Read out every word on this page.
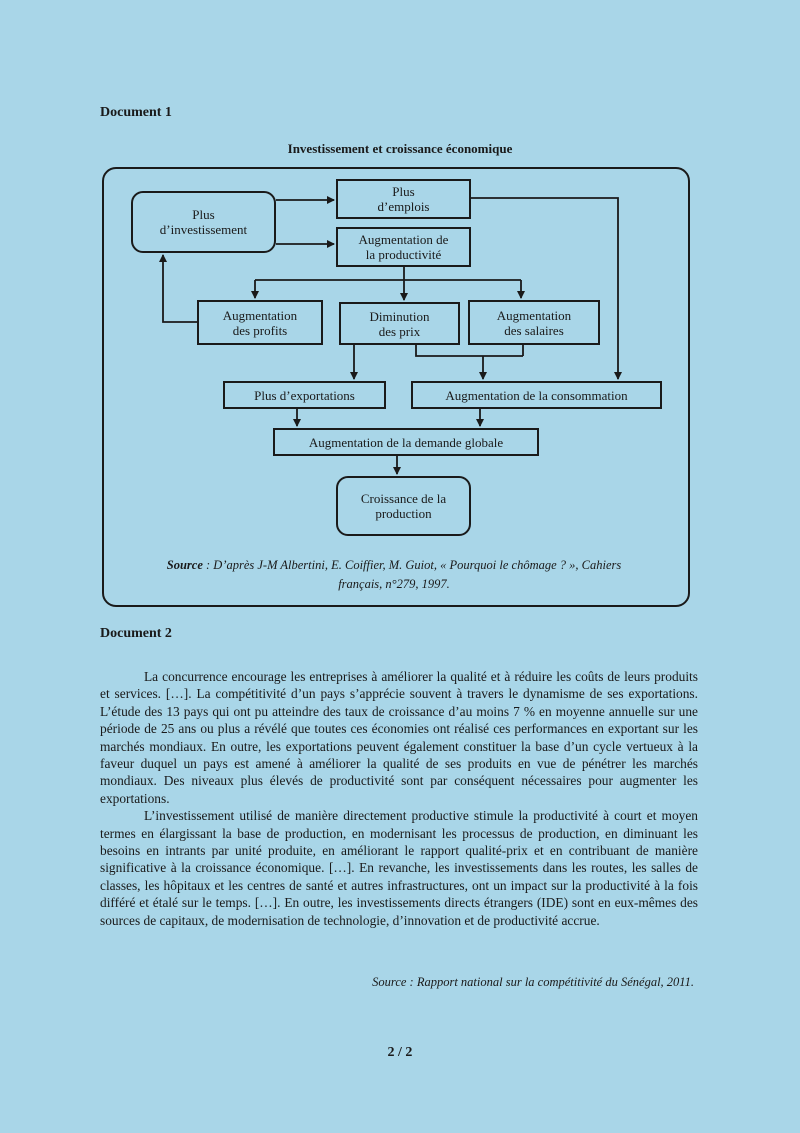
Document 1
Investissement et croissance économique
Plus
d’investissement
Plus
d’emplois
Augmentation de
la productivité
Augmentation
des profits
Diminution
des prix
Augmentation
des salaires
Plus d’exportations	Augmentation de la consommation
Augmentation de la demande globale
Croissance de la
production
Source : D’après J-M Albertini, E. Coiffier, M. Guiot, « Pourquoi le chômage ? », Cahiers
français, n°279, 1997.
Document 2

La concurrence encourage les entreprises à améliorer la qualité et à réduire les coûts de leurs produits et services. […]. La compétitivité d’un pays s’apprécie souvent à travers le dynamisme de ses exportations. L’étude des 13 pays qui ont pu atteindre des taux de croissance d’au moins 7 % en moyenne annuelle sur une période de 25 ans ou plus a révélé que toutes ces économies ont réalisé ces performances en exportant sur les marchés mondiaux. En outre, les exportations peuvent également constituer la base d’un cycle vertueux à la faveur duquel un pays est amené à améliorer la qualité de ses produits en vue de pénétrer les marchés mondiaux. Des niveaux plus élevés de productivité sont par conséquent nécessaires pour augmenter les exportations.

L’investissement utilisé de manière directement productive stimule la productivité à court et moyen termes en élargissant la base de production, en modernisant les processus de production, en diminuant les besoins en intrants par unité produite, en améliorant le rapport qualité-prix et en contribuant de manière significative à la croissance économique. […]. En revanche, les investissements dans les routes, les salles de classes, les hôpitaux et les centres de santé et autres infrastructures, ont un impact sur la productivité à la fois différé et étalé sur le temps. […]. En outre, les investissements directs étrangers (IDE) sont en eux-mêmes des sources de capitaux, de modernisation de technologie, d’innovation et de productivité accrue.

Source : Rapport national sur la compétitivité du Sénégal, 2011.
2 / 2
